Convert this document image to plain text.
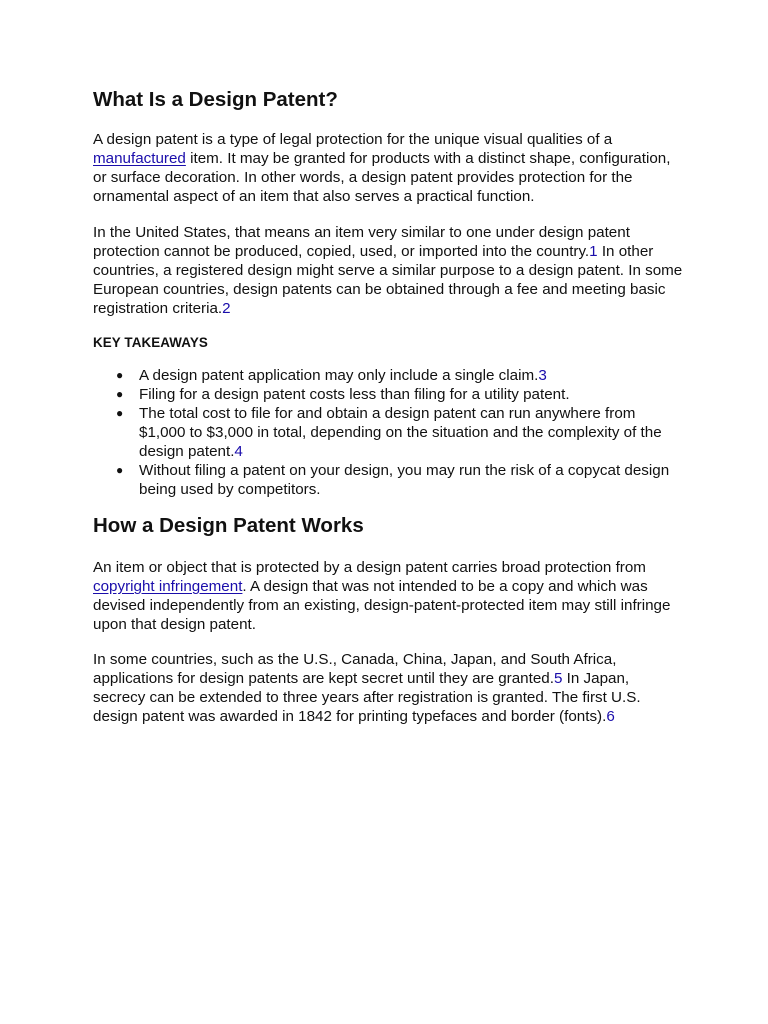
What Is a Design Patent?

A design patent is a type of legal protection for the unique visual qualities of a manufactured item. It may be granted for products with a distinct shape, configuration, or surface decoration. In other words, a design patent provides protection for the ornamental aspect of an item that also serves a practical function.

In the United States, that means an item very similar to one under design patent protection cannot be produced, copied, used, or imported into the country.1 In other countries, a registered design might serve a similar purpose to a design patent. In some European countries, design patents can be obtained through a fee and meeting basic registration criteria.2

KEY TAKEAWAYS
● A design patent application may only include a single claim.3
● Filing for a design patent costs less than filing for a utility patent.
● The total cost to file for and obtain a design patent can run anywhere from $1,000 to $3,000 in total, depending on the situation and the complexity of the design patent.4
● Without filing a patent on your design, you may run the risk of a copycat design being used by competitors.
How a Design Patent Works

An item or object that is protected by a design patent carries broad protection from copyright infringement. A design that was not intended to be a copy and which was devised independently from an existing, design-patent-protected item may still infringe upon that design patent.

In some countries, such as the U.S., Canada, China, Japan, and South Africa, applications for design patents are kept secret until they are granted.5 In Japan, secrecy can be extended to three years after registration is granted. The first U.S. design patent was awarded in 1842 for printing typefaces and border (fonts).6
